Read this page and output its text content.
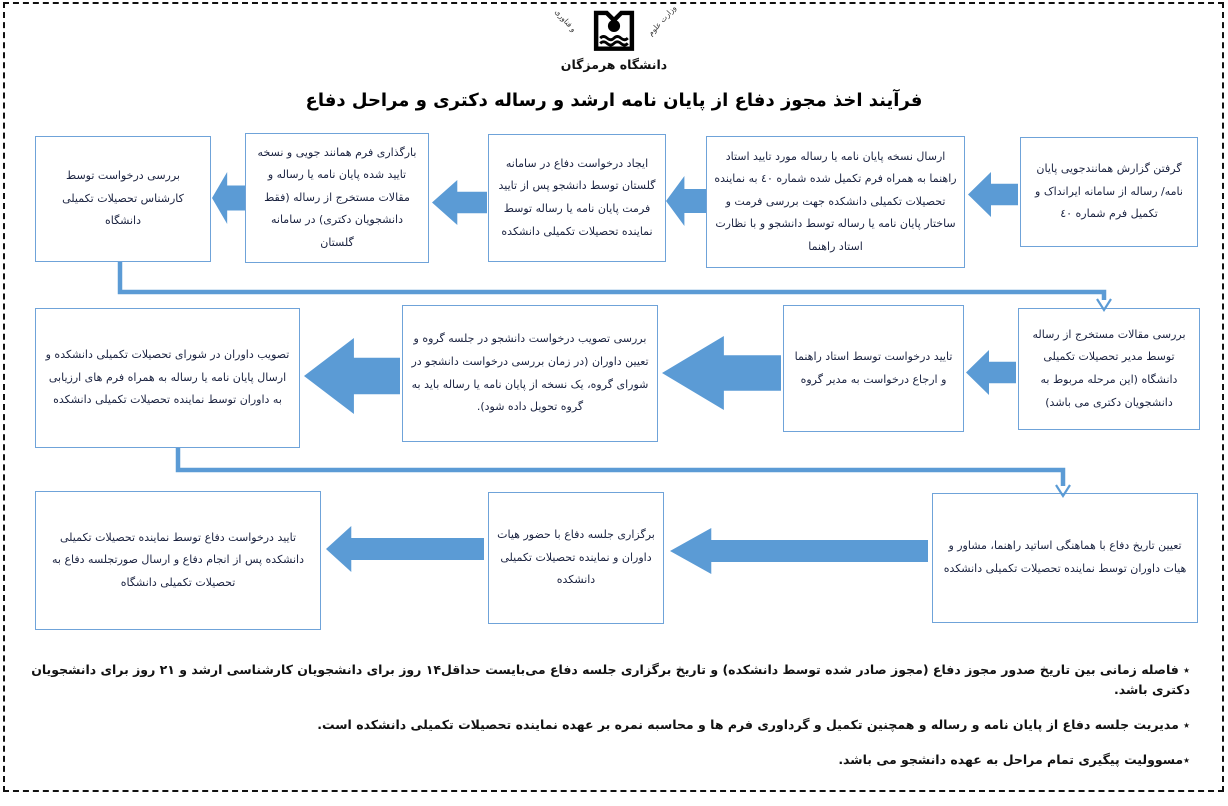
وزارت علوم
و فناوری
دانشگاه هرمزگان
فرآیند اخذ مجوز دفاع از پایان نامه ارشد و رساله دکتری و مراحل دفاع
گرفتن گزارش همانندجویی پایان نامه/ رساله از سامانه ایرانداک و تکمیل فرم شماره ٤٠
ارسال نسخه پایان نامه یا رساله مورد تایید استاد راهنما به همراه فرم تکمیل شده شماره ٤٠ به نماینده تحصیلات تکمیلی دانشکده جهت بررسی فرمت و ساختار پایان نامه یا رساله توسط دانشجو و با نظارت استاد راهنما
ایجاد درخواست دفاع در سامانه گلستان توسط دانشجو پس از تایید فرمت پایان نامه یا رساله توسط نماینده تحصیلات تکمیلی دانشکده
بارگذاری فرم همانند جویی و نسخه تایید شده پایان نامه یا رساله و مقالات مستخرج از رساله (فقط دانشجویان دکتری) در سامانه گلستان
بررسی درخواست توسط کارشناس تحصیلات تکمیلی دانشگاه
بررسی مقالات مستخرج از رساله توسط مدیر تحصیلات تکمیلی دانشگاه (این مرحله مربوط به دانشجویان دکتری می باشد)
تایید درخواست توسط استاد راهنما و ارجاع درخواست به مدیر گروه
بررسی تصویب درخواست دانشجو در جلسه گروه و تعیین داوران (در زمان بررسی درخواست دانشجو در شورای گروه، یک نسخه از پایان نامه یا رساله باید به گروه تحویل داده شود).
تصویب داوران در شورای تحصیلات تکمیلی دانشکده و ارسال پایان نامه یا رساله به همراه فرم های ارزیابی به داوران توسط نماینده تحصیلات تکمیلی دانشکده
تعیین تاریخ دفاع با هماهنگی اساتید راهنما، مشاور و هیات داوران توسط نماینده تحصیلات تکمیلی دانشکده
برگزاری جلسه دفاع با حضور هیات داوران و نماینده تحصیلات تکمیلی دانشکده
تایید درخواست دفاع توسط نماینده تحصیلات تکمیلی دانشکده پس از انجام دفاع و ارسال صورتجلسه دفاع به تحصیلات تکمیلی دانشگاه
٭ فاصله زمانی بین تاریخ صدور مجوز دفاع (مجوز صادر شده توسط دانشکده) و تاریخ برگزاری جلسه دفاع می‌بایست حداقل۱۴ روز برای دانشجویان کارشناسی ارشد و ۲۱ روز برای دانشجویان دکتری باشد.
٭ مدیریت جلسه دفاع از پایان نامه و رساله و همچنین تکمیل و گرداوری فرم ها و محاسبه نمره بر عهده نماینده تحصیلات تکمیلی دانشکده است.
٭مسوولیت پیگیری تمام مراحل به عهده دانشجو می باشد.
